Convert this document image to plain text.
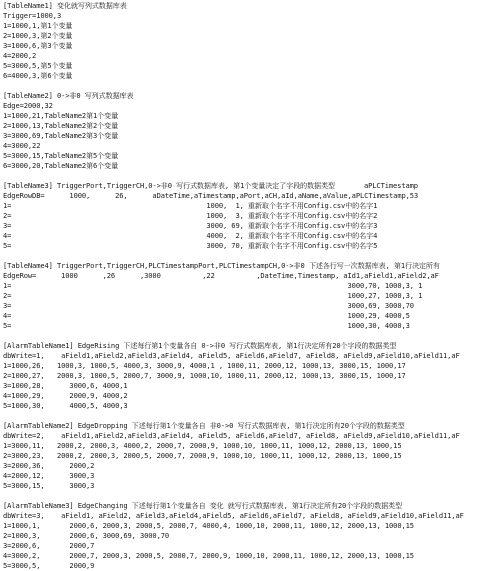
[TableName1] 变化就写列式数据库表
Trigger=1000,3
1=1000,1,第1个变量
2=1000,3,第2个变量
3=1000,6,第3个变量
4=2000,2
5=3000,5,第5个变量
6=4000,3,第6个变量
[TableName2] 0->非0 写列式数据库表
Edge=2000,32
1=1000,21,TableName2第1个变量
2=1000,13,TableName2第2个变量
3=3000,69,TableName2第3个变量
4=3000,22
5=3000,15,TableName2第5个变量
6=3000,20,TableName2第6个变量
[TableName3] TriggerPort,TriggerCH,0->非0 写行式数据库表, 第1个变量决定了字段的数据类型       aPLCTimestamp
EdgeRowDB=      1000,      26,      aDateTime,aTimestamp,aPort,aCH,aId,aName,aValue,aPLCTimestamp,53
1=                                               1000,  1, 重新取个名字不用Config.csv中的名字1
2=                                               1000,  3, 重新取个名字不用Config.csv中的名字2
3=                                               3000, 69, 重新取个名字不用Config.csv中的名字3
4=                                               4000,  2, 重新取个名字不用Config.csv中的名字4
5=                                               3000, 70, 重新取个名字不用Config.csv中的名字5
[TableName4] TriggerPort,TriggerCH,PLCTimestampPort,PLCTimestampCH,0->非0 下述各行写一次数据库表, 第1行决定所有
EdgeRow=      1000      ,26      ,3000          ,22          ,DateTime,Timestamp, aId1,aField1,aField2,aF
1=                                                                                 3000,70, 1000,3, 1
2=                                                                                 1000,27, 1000,3, 1
3=                                                                                 3000,69, 3000,70
4=                                                                                 1000,29, 4000,5
5=                                                                                 1000,30, 4000,3
[AlarmTableName1] EdgeRising 下述每行第1个变量各自 0->非0 写行式数据库表, 第1行决定所有20个字段的数据类型
dbWrite=1,    aField1,aField2,aField3,aField4, aField5, aField6,aField7, aField8, aField9,aField10,aField11,aF
1=1000,26,   1000,3, 1000,5, 4000,3, 3000,9, 4000,1 , 1000,11, 2000,12, 1000,13, 3000,15, 1000,17
2=1000,27,   2000,3, 1000,5, 2000,7, 3000,9, 1000,10, 1000,11, 2000,12, 1000,13, 3000,15, 1000,17
3=1000,28,      3000,6, 4000,1
4=1000,29,      2000,9, 4000,2
5=1000,30,      4000,5, 4000,3
[AlarmTableName2] EdgeDropping 下述每行第1个变量各自 非0->0 写行式数据库表, 第1行决定所有20个字段的数据类型
dbWrite=2,    aField1,aField2,aField3,aField4, aField5, aField6,aField7, aField8, aField9,aField10,aField11,aF
1=3000,11,   2000,2, 2000,3, 4000,2, 2000,7, 2000,9, 1000,10, 1000,11, 1000,12, 2000,13, 1000,15
2=3000,23,   2000,2, 2000,3, 2000,5, 2000,7, 2000,9, 1000,10, 1000,11, 1000,12, 2000,13, 1000,15
3=2000,36,      2000,2
4=2000,12,      3000,3
5=3000,15,      3000,3
[AlarmTableName3] EdgeChanging 下述每行第1个变量各自 变化 就写行式数据库表, 第1行决定所有20个字段的数据类型
dbWrite=3,    aField1, aField2, aField3,aField4,aField5, aField6,aField7, aField8, aField9,aField10,aField11,aF
1=1000,1,       2000,6, 2000,3, 2000,5, 2000,7, 4000,4, 1000,10, 2000,11, 1000,12, 2000,13, 1000,15
2=1000,3,       2000,6, 3000,69, 3000,70
3=2000,6,       2000,7
4=3000,2,       2000,7, 2000,3, 2000,5, 2000,7, 2000,9, 1000,10, 2000,11, 1000,12, 2000,13, 1000,15
5=3000,5,       2000,9
